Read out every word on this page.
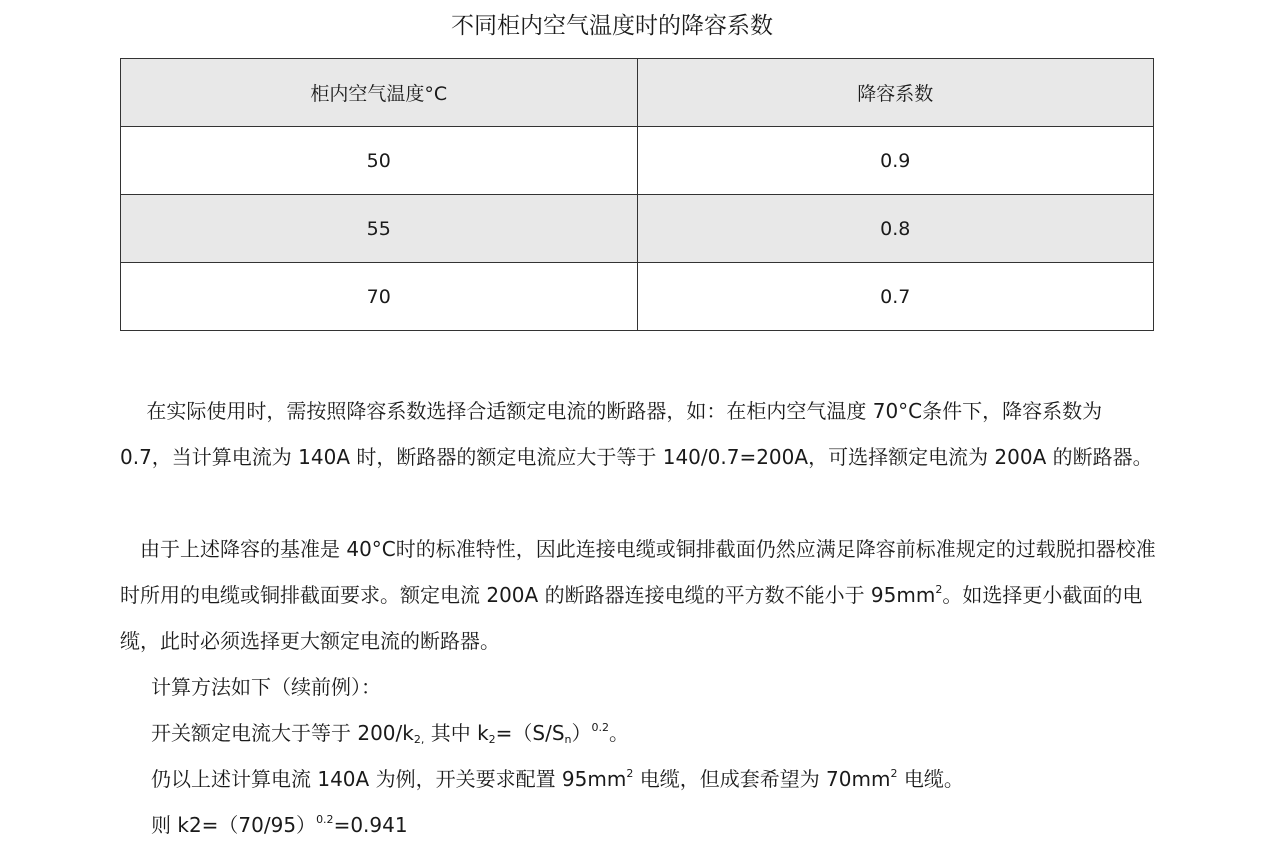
不同柜内空气温度时的降容系数
柜内空气温度°C	降容系数
50	0.9
55	0.8
70	0.7
　 在实际使用时，需按照降容系数选择合适额定电流的断路器，如：在柜内空气温度 70°C条件下，降容系数为 0.7，当计算电流为 140A 时，断路器的额定电流应大于等于 140/0.7=200A，可选择额定电流为 200A 的断路器。
　由于上述降容的基准是 40°C时的标准特性，因此连接电缆或铜排截面仍然应满足降容前标准规定的过载脱扣器校准时所用的电缆或铜排截面要求。额定电流 200A 的断路器连接电缆的平方数不能小于 $95mm^2$。如选择更小截面的电缆，此时必须选择更大额定电流的断路器。
计算方法如下（续前例）：
开关额定电流大于等于 $200/k_{2,}$ 其中 $k_2=(S/S_n)^{0.2}$。
仍以上述计算电流 140A 为例，开关要求配置 $95mm^2$ 电缆，但成套希望为 $70mm^2$ 电缆。
则 $k2=(70/95)^{0.2}=0.941$
